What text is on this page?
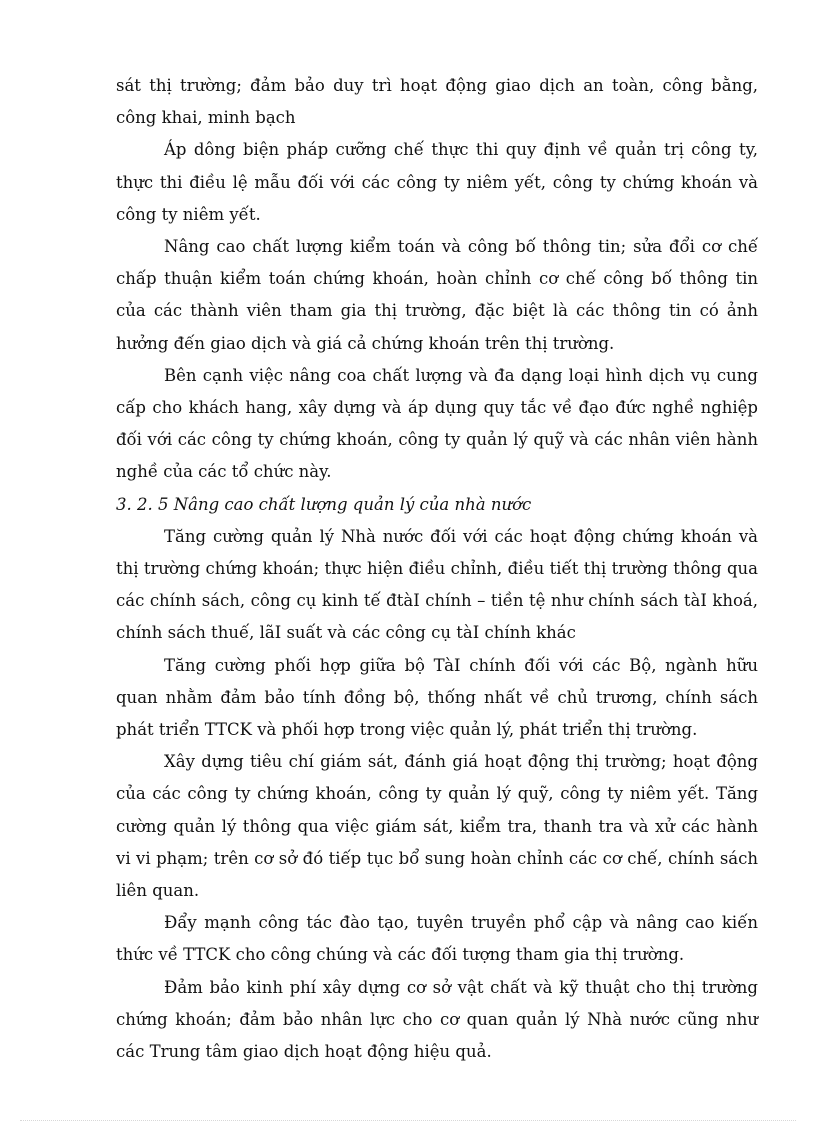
sát thị trường; đảm bảo duy trì hoạt động giao dịch an toàn, công bằng, công khai, minh bạch

Áp dông biện pháp cưỡng chế thực thi quy định về quản trị công ty, thực thi điều lệ mẫu đối với các công ty niêm yết, công ty chứng khoán và công ty niêm yết.

Nâng cao chất lượng kiểm toán và công bố thông tin; sửa đổi cơ chế chấp thuận kiểm toán chứng khoán, hoàn chỉnh cơ chế công bố thông tin của các thành viên tham gia thị trường, đặc biệt là các thông tin có ảnh hưởng đến giao dịch và giá cả chứng khoán trên thị trường.

Bên cạnh việc nâng coa chất lượng và đa dạng loại hình dịch vụ cung cấp cho khách hang, xây dựng và áp dụng quy tắc về đạo đức nghề nghiệp đối với các công ty chứng khoán, công ty quản lý quỹ và các nhân viên hành nghề của các tổ chức này.

3. 2. 5 Nâng cao chất lượng quản lý của nhà nước

Tăng cường quản lý Nhà nước đối với các hoạt động chứng khoán và thị trường chứng khoán; thực hiện điều chỉnh, điều tiết thị trường thông qua các chính sách, công cụ kinh tế đtàI chính – tiền tệ như chính sách tàI khoá, chính sách thuế, lãI suất và các công cụ tàI chính khác

Tăng cường phối hợp giữa bộ TàI chính đối với các Bộ, ngành hữu quan nhằm đảm bảo tính đồng bộ, thống nhất về chủ trương, chính sách phát triển TTCK và phối hợp trong việc quản lý, phát triển thị trường.

Xây dựng tiêu chí giám sát, đánh giá hoạt động thị trường; hoạt động của các công ty chứng khoán, công ty quản lý quỹ, công ty niêm yết. Tăng cường quản lý thông qua việc giám sát, kiểm tra, thanh tra và xử các hành vi vi phạm; trên cơ sở đó tiếp tục bổ sung hoàn chỉnh các cơ chế, chính sách liên quan.

Đẩy mạnh công tác đào tạo, tuyên truyền phổ cập và nâng cao kiến thức về TTCK cho công chúng và các đối tượng tham gia thị trường.

Đảm bảo kinh phí xây dựng cơ sở vật chất và kỹ thuật cho thị trường chứng khoán; đảm bảo nhân lực cho cơ quan quản lý Nhà nước cũng như các Trung tâm giao dịch hoạt động hiệu quả.
